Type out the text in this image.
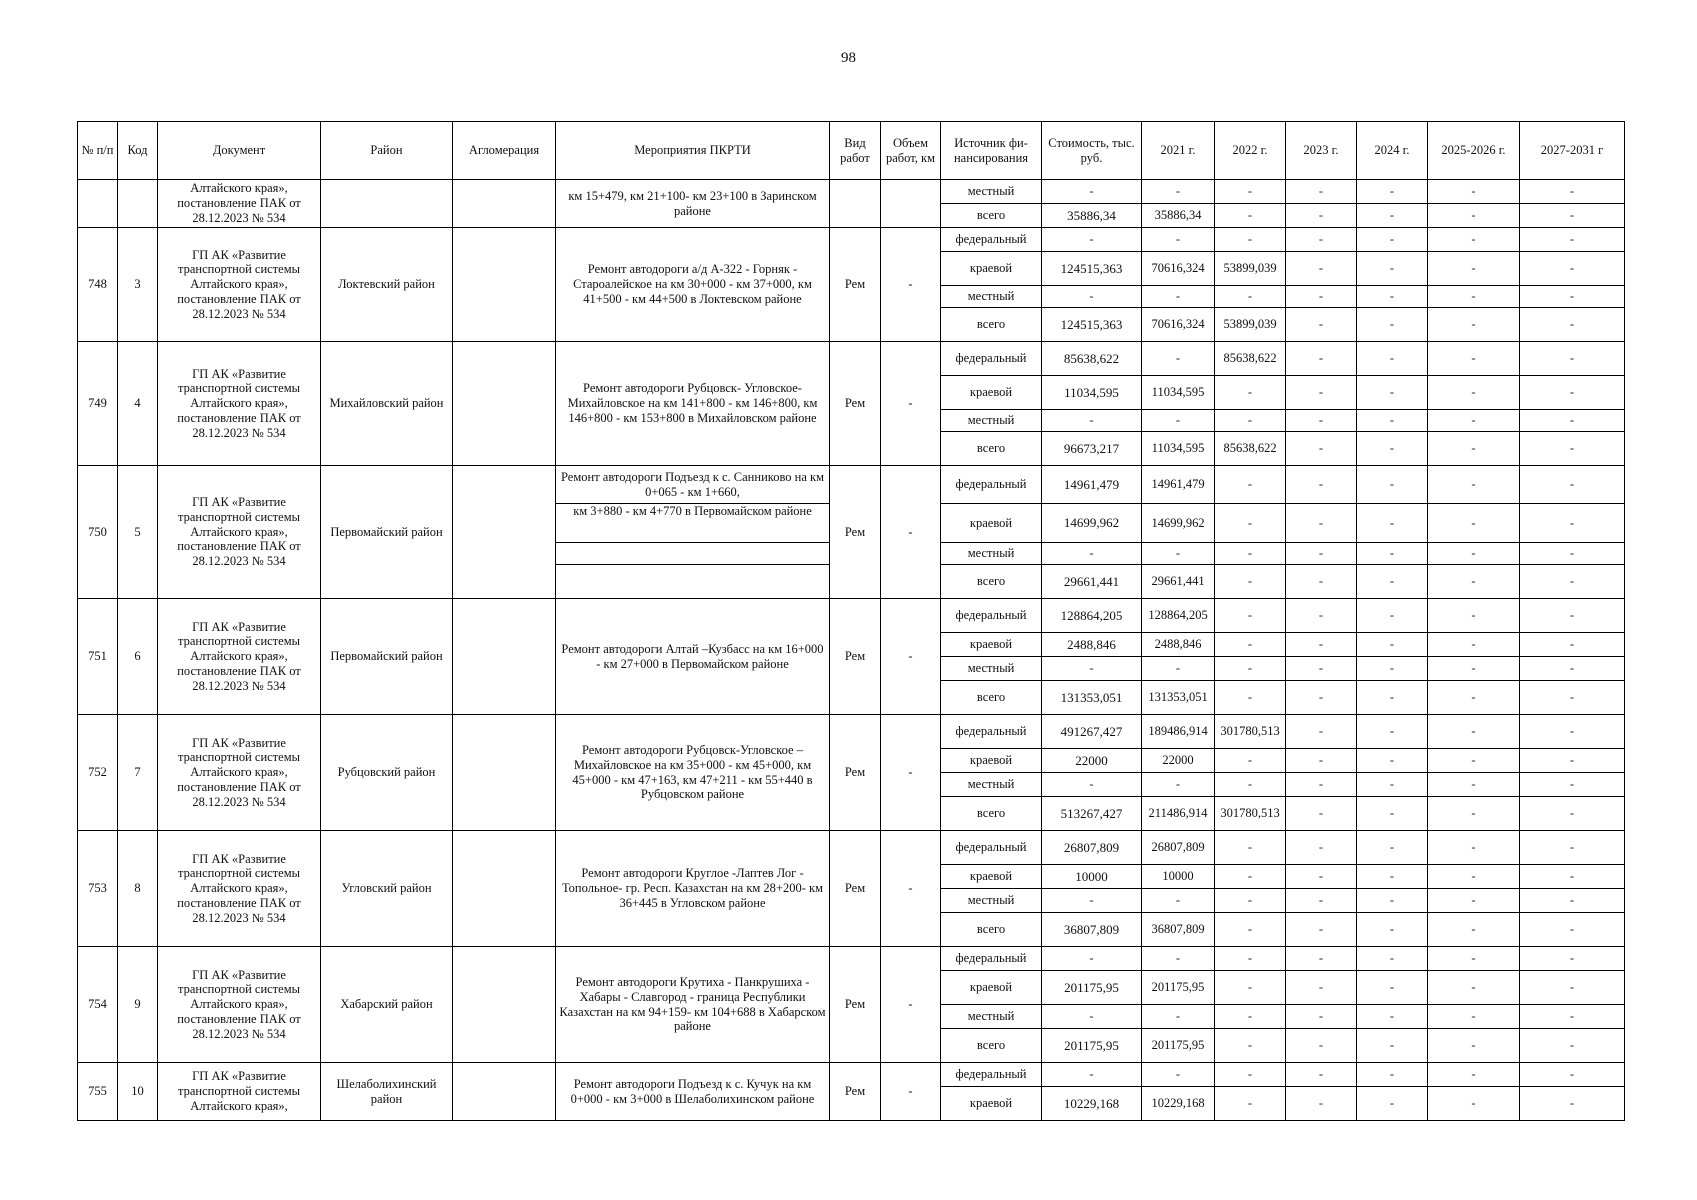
98
№ п/п	Код	Документ	Район	Агломерация	Мероприятия ПКРТИ	Вид работ	Объем работ, км	Источник фи-нансирования	Стоимость, тыс. руб.	2021 г.	2022 г.	2023 г.	2024 г.	2025-2026 г.	2027-2031 г
		Алтайского края», постановление ПАК от 28.12.2023 № 534			км 15+479, км 21+100- км 23+100 в Заринском районе			местный	-	-	-	-	-	-	-
								всего	35886,34	35886,34	-	-	-	-	-
748	3	ГП АК «Развитие транспортной системы Алтайского края», постановление ПАК от 28.12.2023 № 534	Локтевский район		Ремонт автодороги а/д А-322 - Горняк - Староалейское на км 30+000 - км 37+000, км 41+500 - км 44+500 в Локтевском районе	Рем	-	федеральный	-	-	-	-	-	-	-
								краевой	124515,363	70616,324	53899,039	-	-	-	-
								местный	-	-	-	-	-	-	-
								всего	124515,363	70616,324	53899,039	-	-	-	-
749	4	ГП АК «Развитие транспортной системы Алтайского края», постановление ПАК от 28.12.2023 № 534	Михайловский район		Ремонт автодороги Рубцовск- Угловское- Михайловское на км 141+800 - км 146+800, км 146+800 - км 153+800 в Михайловском районе	Рем	-	федеральный	85638,622	-	85638,622	-	-	-	-
								краевой	11034,595	11034,595	-	-	-	-	-
								местный	-	-	-	-	-	-	-
								всего	96673,217	11034,595	85638,622	-	-	-	-
750	5	ГП АК «Развитие транспортной системы Алтайского края», постановление ПАК от 28.12.2023 № 534	Первомайский район		Ремонт автодороги Подъезд к с. Санниково на км 0+065 - км 1+660,	Рем	-	федеральный	14961,479	14961,479	-	-	-	-	-
					км 3+880 - км 4+770 в Первомайском районе			краевой	14699,962	14699,962	-	-	-	-	-
								местный	-	-	-	-	-	-	-
								всего	29661,441	29661,441	-	-	-	-	-
751	6	ГП АК «Развитие транспортной системы Алтайского края», постановление ПАК от 28.12.2023 № 534	Первомайский район		Ремонт автодороги Алтай –Кузбасс на км 16+000 - км 27+000 в Первомайском районе	Рем	-	федеральный	128864,205	128864,205	-	-	-	-	-
								краевой	2488,846	2488,846	-	-	-	-	-
								местный	-	-	-	-	-	-	-
								всего	131353,051	131353,051	-	-	-	-	-
752	7	ГП АК «Развитие транспортной системы Алтайского края», постановление ПАК от 28.12.2023 № 534	Рубцовский район		Ремонт автодороги Рубцовск-Угловское – Михайловское на км 35+000 - км 45+000, км 45+000 - км 47+163, км 47+211 - км 55+440 в Рубцовском районе	Рем	-	федеральный	491267,427	189486,914	301780,513	-	-	-	-
								краевой	22000	22000	-	-	-	-	-
								местный	-	-	-	-	-	-	-
								всего	513267,427	211486,914	301780,513	-	-	-	-
753	8	ГП АК «Развитие транспортной системы Алтайского края», постановление ПАК от 28.12.2023 № 534	Угловский район		Ремонт автодороги Круглое -Лаптев Лог - Топольное- гр. Респ. Казахстан на км 28+200- км 36+445 в Угловском районе	Рем	-	федеральный	26807,809	26807,809	-	-	-	-	-
								краевой	10000	10000	-	-	-	-	-
								местный	-	-	-	-	-	-	-
								всего	36807,809	36807,809	-	-	-	-	-
754	9	ГП АК «Развитие транспортной системы Алтайского края», постановление ПАК от 28.12.2023 № 534	Хабарский район		Ремонт автодороги Крутиха - Панкрушиха - Хабары - Славгород - граница Республики Казахстан на км 94+159- км 104+688 в Хабарском районе	Рем	-	федеральный	-	-	-	-	-	-	-
								краевой	201175,95	201175,95	-	-	-	-	-
								местный	-	-	-	-	-	-	-
								всего	201175,95	201175,95	-	-	-	-	-
755	10	ГП АК «Развитие транспортной системы Алтайского края»,	Шелаболихинский район		Ремонт автодороги Подъезд к с. Кучук на км 0+000 - км 3+000 в Шелаболихинском районе	Рем	-	федеральный	-	-	-	-	-	-	-
								краевой	10229,168	10229,168	-	-	-	-	-
